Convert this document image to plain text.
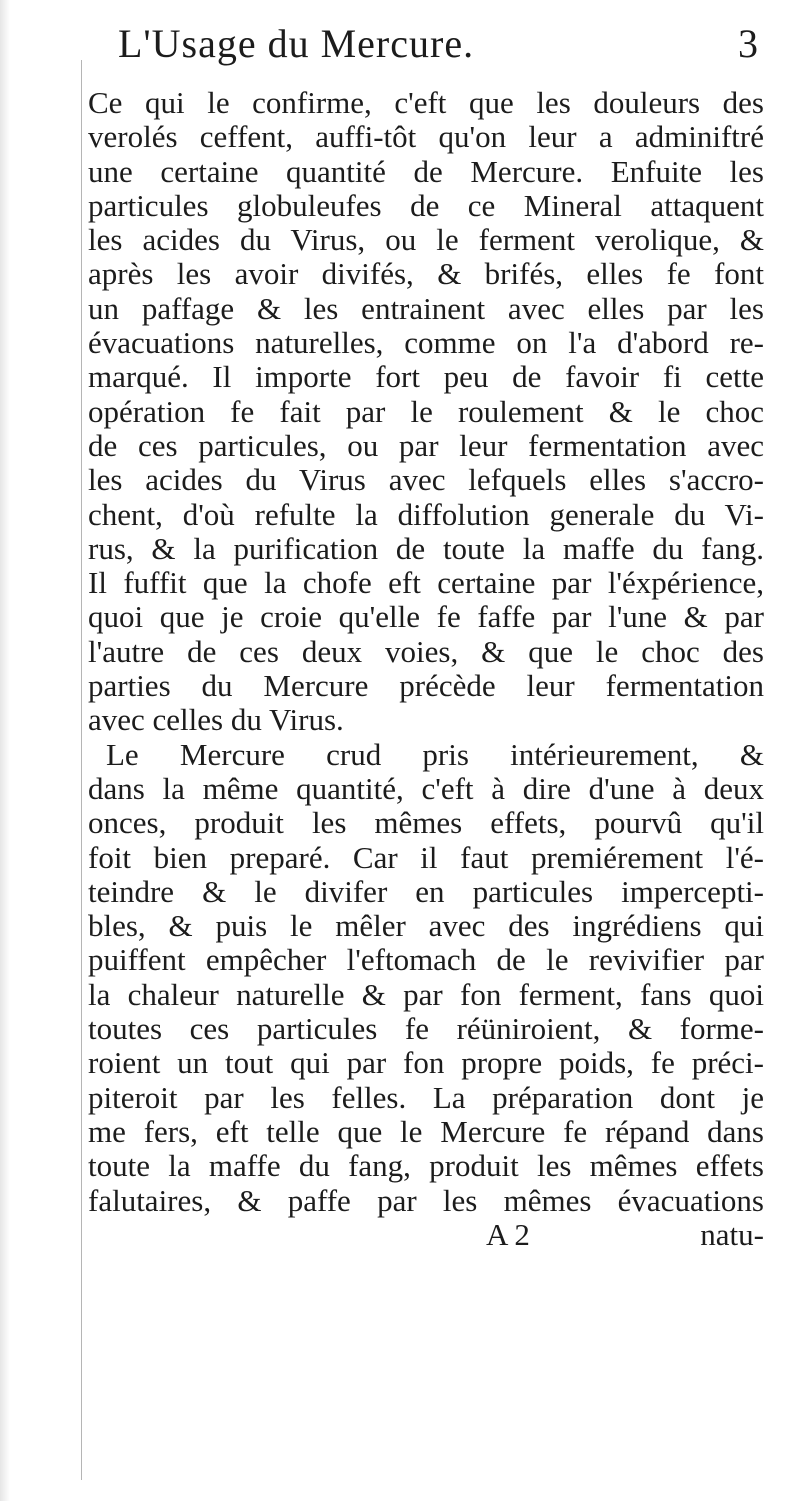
L'Usage du Mercure.	3
Ce qui le confirme, c'eft que les douleurs des
verolés ceffent, auffi-tôt qu'on leur a adminiftré
une certaine quantité de Mercure. Enfuite les
particules globuleufes de ce Mineral attaquent
les acides du Virus, ou le ferment verolique, &
après les avoir divifés, & brifés, elles fe font
un paffage & les entrainent avec elles par les
évacuations naturelles, comme on l'a d'abord re-
marqué. Il importe fort peu de favoir fi cette
opération fe fait par le roulement & le choc
de ces particules, ou par leur fermentation avec
les acides du Virus avec lefquels elles s'accro-
chent, d'où refulte la diffolution generale du Vi-
rus, & la purification de toute la maffe du fang.
Il fuffit que la chofe eft certaine par l'éxpérience,
quoi que je croie qu'elle fe faffe par l'une & par
l'autre de ces deux voies, & que le choc des
parties du Mercure précède leur fermentation
avec celles du Virus.
Le Mercure crud pris intérieurement, &
dans la même quantité, c'eft à dire d'une à deux
onces, produit les mêmes effets, pourvû qu'il
foit bien preparé. Car il faut premiérement l'é-
teindre & le divifer en particules impercepti-
bles, & puis le mêler avec des ingrédiens qui
puiffent empêcher l'eftomach de le revivifier par
la chaleur naturelle & par fon ferment, fans quoi
toutes ces particules fe réüniroient, & forme-
roient un tout qui par fon propre poids, fe préci-
piteroit par les felles. La préparation dont je
me fers, eft telle que le Mercure fe répand dans
toute la maffe du fang, produit les mêmes effets
falutaires, & paffe par les mêmes évacuations

A 2	natu-
